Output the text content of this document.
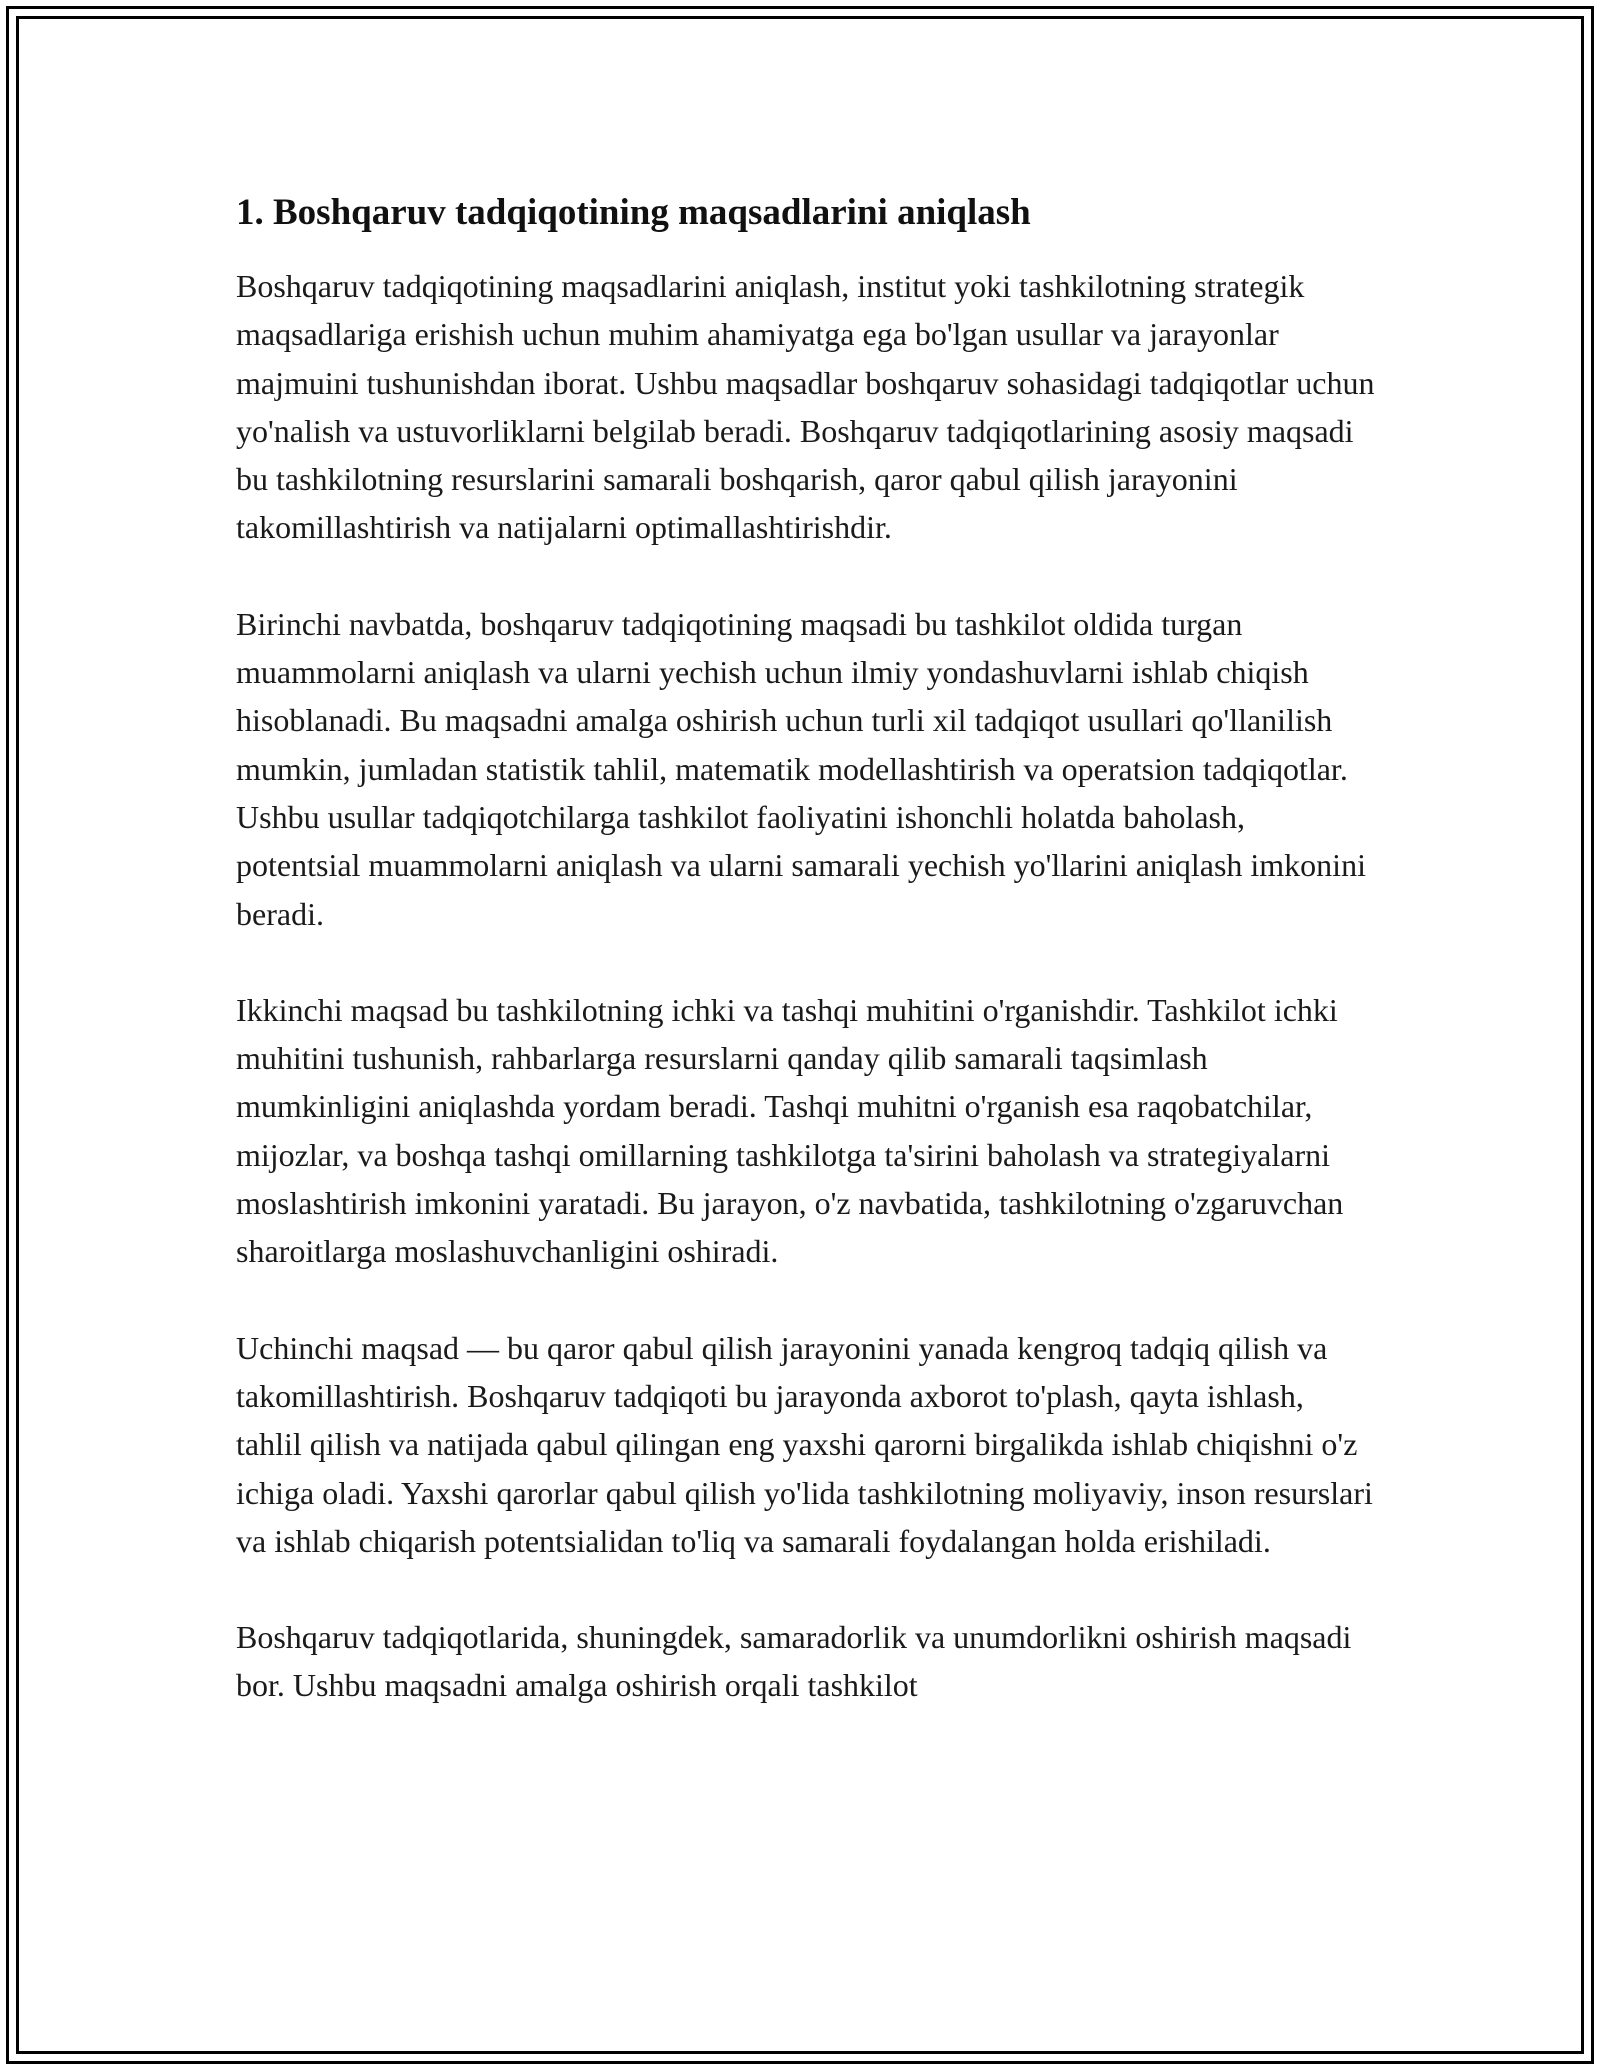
1. Boshqaruv tadqiqotining maqsadlarini aniqlash

Boshqaruv tadqiqotining maqsadlarini aniqlash, institut yoki tashkilotning strategik maqsadlariga erishish uchun muhim ahamiyatga ega bo'lgan usullar va jarayonlar majmuini tushunishdan iborat. Ushbu maqsadlar boshqaruv sohasidagi tadqiqotlar uchun yo'nalish va ustuvorliklarni belgilab beradi. Boshqaruv tadqiqotlarining asosiy maqsadi bu tashkilotning resurslarini samarali boshqarish, qaror qabul qilish jarayonini takomillashtirish va natijalarni optimallashtirishdir.

Birinchi navbatda, boshqaruv tadqiqotining maqsadi bu tashkilot oldida turgan muammolarni aniqlash va ularni yechish uchun ilmiy yondashuvlarni ishlab chiqish hisoblanadi. Bu maqsadni amalga oshirish uchun turli xil tadqiqot usullari qo'llanilish mumkin, jumladan statistik tahlil, matematik modellashtirish va operatsion tadqiqotlar. Ushbu usullar tadqiqotchilarga tashkilot faoliyatini ishonchli holatda baholash, potentsial muammolarni aniqlash va ularni samarali yechish yo'llarini aniqlash imkonini beradi.

Ikkinchi maqsad bu tashkilotning ichki va tashqi muhitini o'rganishdir. Tashkilot ichki muhitini tushunish, rahbarlarga resurslarni qanday qilib samarali taqsimlash mumkinligini aniqlashda yordam beradi. Tashqi muhitni o'rganish esa raqobatchilar, mijozlar, va boshqa tashqi omillarning tashkilotga ta'sirini baholash va strategiyalarni moslashtirish imkonini yaratadi. Bu jarayon, o'z navbatida, tashkilotning o'zgaruvchan sharoitlarga moslashuvchanligini oshiradi.

Uchinchi maqsad — bu qaror qabul qilish jarayonini yanada kengroq tadqiq qilish va takomillashtirish. Boshqaruv tadqiqoti bu jarayonda axborot to'plash, qayta ishlash, tahlil qilish va natijada qabul qilingan eng yaxshi qarorni birgalikda ishlab chiqishni o'z ichiga oladi. Yaxshi qarorlar qabul qilish yo'lida tashkilotning moliyaviy, inson resurslari va ishlab chiqarish potentsialidan to'liq va samarali foydalangan holda erishiladi.

Boshqaruv tadqiqotlarida, shuningdek, samaradorlik va unumdorlikni oshirish maqsadi bor. Ushbu maqsadni amalga oshirish orqali tashkilot
